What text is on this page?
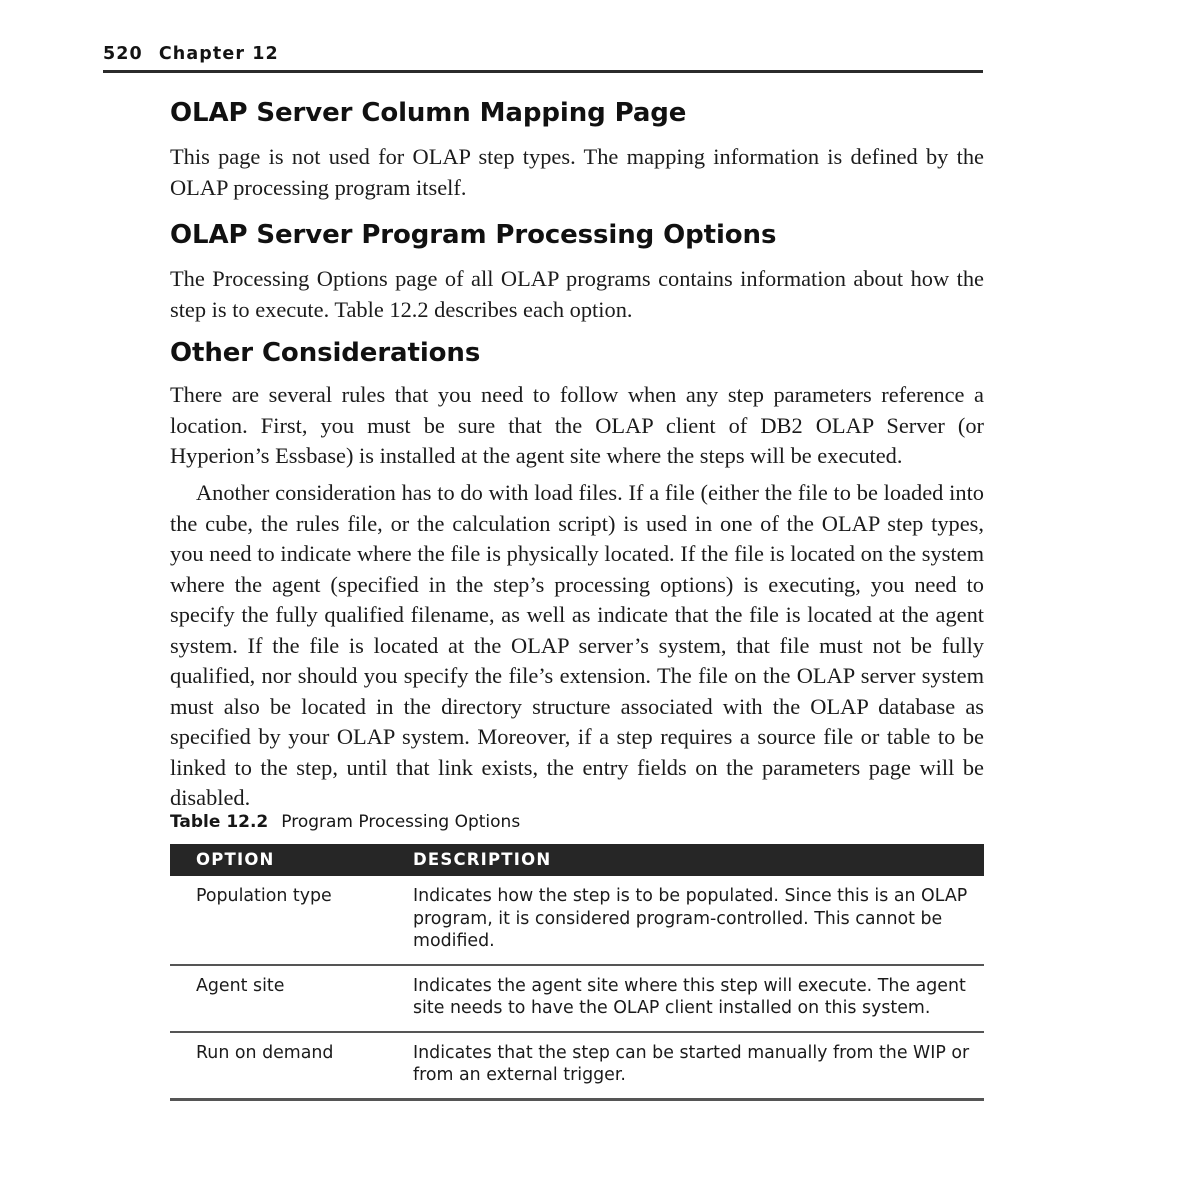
520 Chapter 12
OLAP Server Column Mapping Page

This page is not used for OLAP step types. The mapping information is defined by the OLAP processing program itself.

OLAP Server Program Processing Options

The Processing Options page of all OLAP programs contains information about how the step is to execute. Table 12.2 describes each option.

Other Considerations

There are several rules that you need to follow when any step parameters reference a location. First, you must be sure that the OLAP client of DB2 OLAP Server (or Hyperion’s Essbase) is installed at the agent site where the steps will be executed.

Another consideration has to do with load files. If a file (either the file to be loaded into the cube, the rules file, or the calculation script) is used in one of the OLAP step types, you need to indicate where the file is physically located. If the file is located on the system where the agent (specified in the step’s processing options) is executing, you need to specify the fully qualified filename, as well as indicate that the file is located at the agent system. If the file is located at the OLAP server’s system, that file must not be fully qualified, nor should you specify the file’s extension. The file on the OLAP server system must also be located in the directory structure associated with the OLAP database as specified by your OLAP system. Moreover, if a step requires a source file or table to be linked to the step, until that link exists, the entry fields on the parameters page will be disabled.

Table 12.2 Program Processing Options
OPTION	DESCRIPTION
Population type	Indicates how the step is to be populated. Since this is an OLAP program, it is considered program-controlled. This cannot be modified.
Agent site	Indicates the agent site where this step will execute. The agent site needs to have the OLAP client installed on this system.
Run on demand	Indicates that the step can be started manually from the WIP or from an external trigger.
